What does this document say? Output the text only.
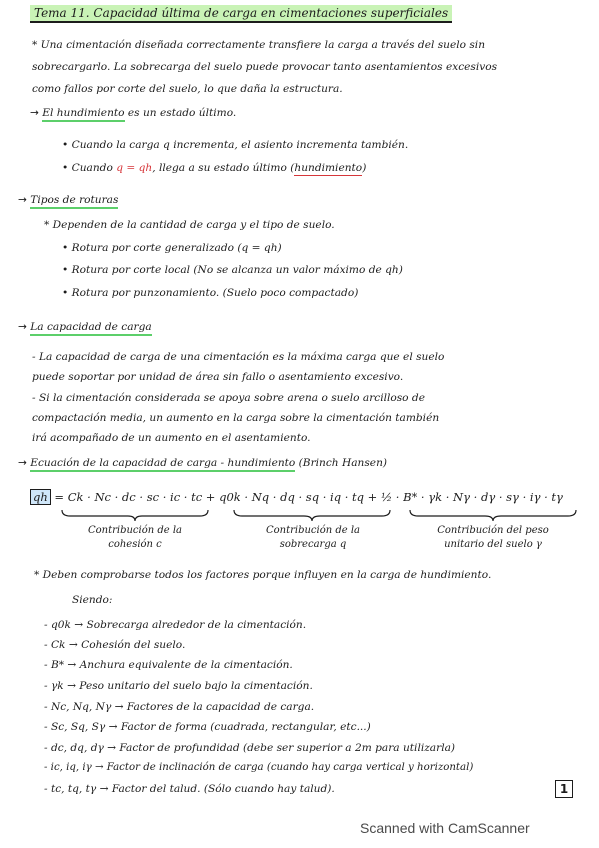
Tema 11. Capacidad última de carga en cimentaciones superficiales
* Una cimentación diseñada correctamente transfiere la carga a través del suelo sin
sobrecargarlo. La sobrecarga del suelo puede provocar tanto asentamientos excesivos
como fallos por corte del suelo, lo que daña la estructura.
→ El hundimiento es un estado último.
• Cuando la carga q incrementa, el asiento incrementa también.
• Cuando q = qh, llega a su estado último (hundimiento)
→ Tipos de roturas
* Dependen de la cantidad de carga y el tipo de suelo.
• Rotura por corte generalizado (q = qh)
• Rotura por corte local (No se alcanza un valor máximo de qh)
• Rotura por punzonamiento. (Suelo poco compactado)
→ La capacidad de carga
- La capacidad de carga de una cimentación es la máxima carga que el suelo
puede soportar por unidad de área sin fallo o asentamiento excesivo.
- Si la cimentación considerada se apoya sobre arena o suelo arcilloso de
compactación media, un aumento en la carga sobre la cimentación también
irá acompañado de un aumento en el asentamiento.
→ Ecuación de la capacidad de carga - hundimiento (Brinch Hansen)
qh = Ck · Nc · dc · sc · ic · tc + q0k · Nq · dq · sq · iq · tq + ½ · B* · γk · Nγ · dγ · sγ · iγ · tγ
Contribución de la
cohesión c
Contribución de la
sobrecarga q
Contribución del peso
unitario del suelo γ
* Deben comprobarse todos los factores porque influyen en la carga de hundimiento.
Siendo:
- q0k → Sobrecarga alrededor de la cimentación.
- Ck → Cohesión del suelo.
- B* → Anchura equivalente de la cimentación.
- γk → Peso unitario del suelo bajo la cimentación.
- Nc, Nq, Nγ → Factores de la capacidad de carga.
- Sc, Sq, Sγ → Factor de forma (cuadrada, rectangular, etc...)
- dc, dq, dγ → Factor de profundidad (debe ser superior a 2m para utilizarla)
- ic, iq, iγ → Factor de inclinación de carga (cuando hay carga vertical y horizontal)
- tc, tq, tγ → Factor del talud. (Sólo cuando hay talud).	1
Scanned with CamScanner
